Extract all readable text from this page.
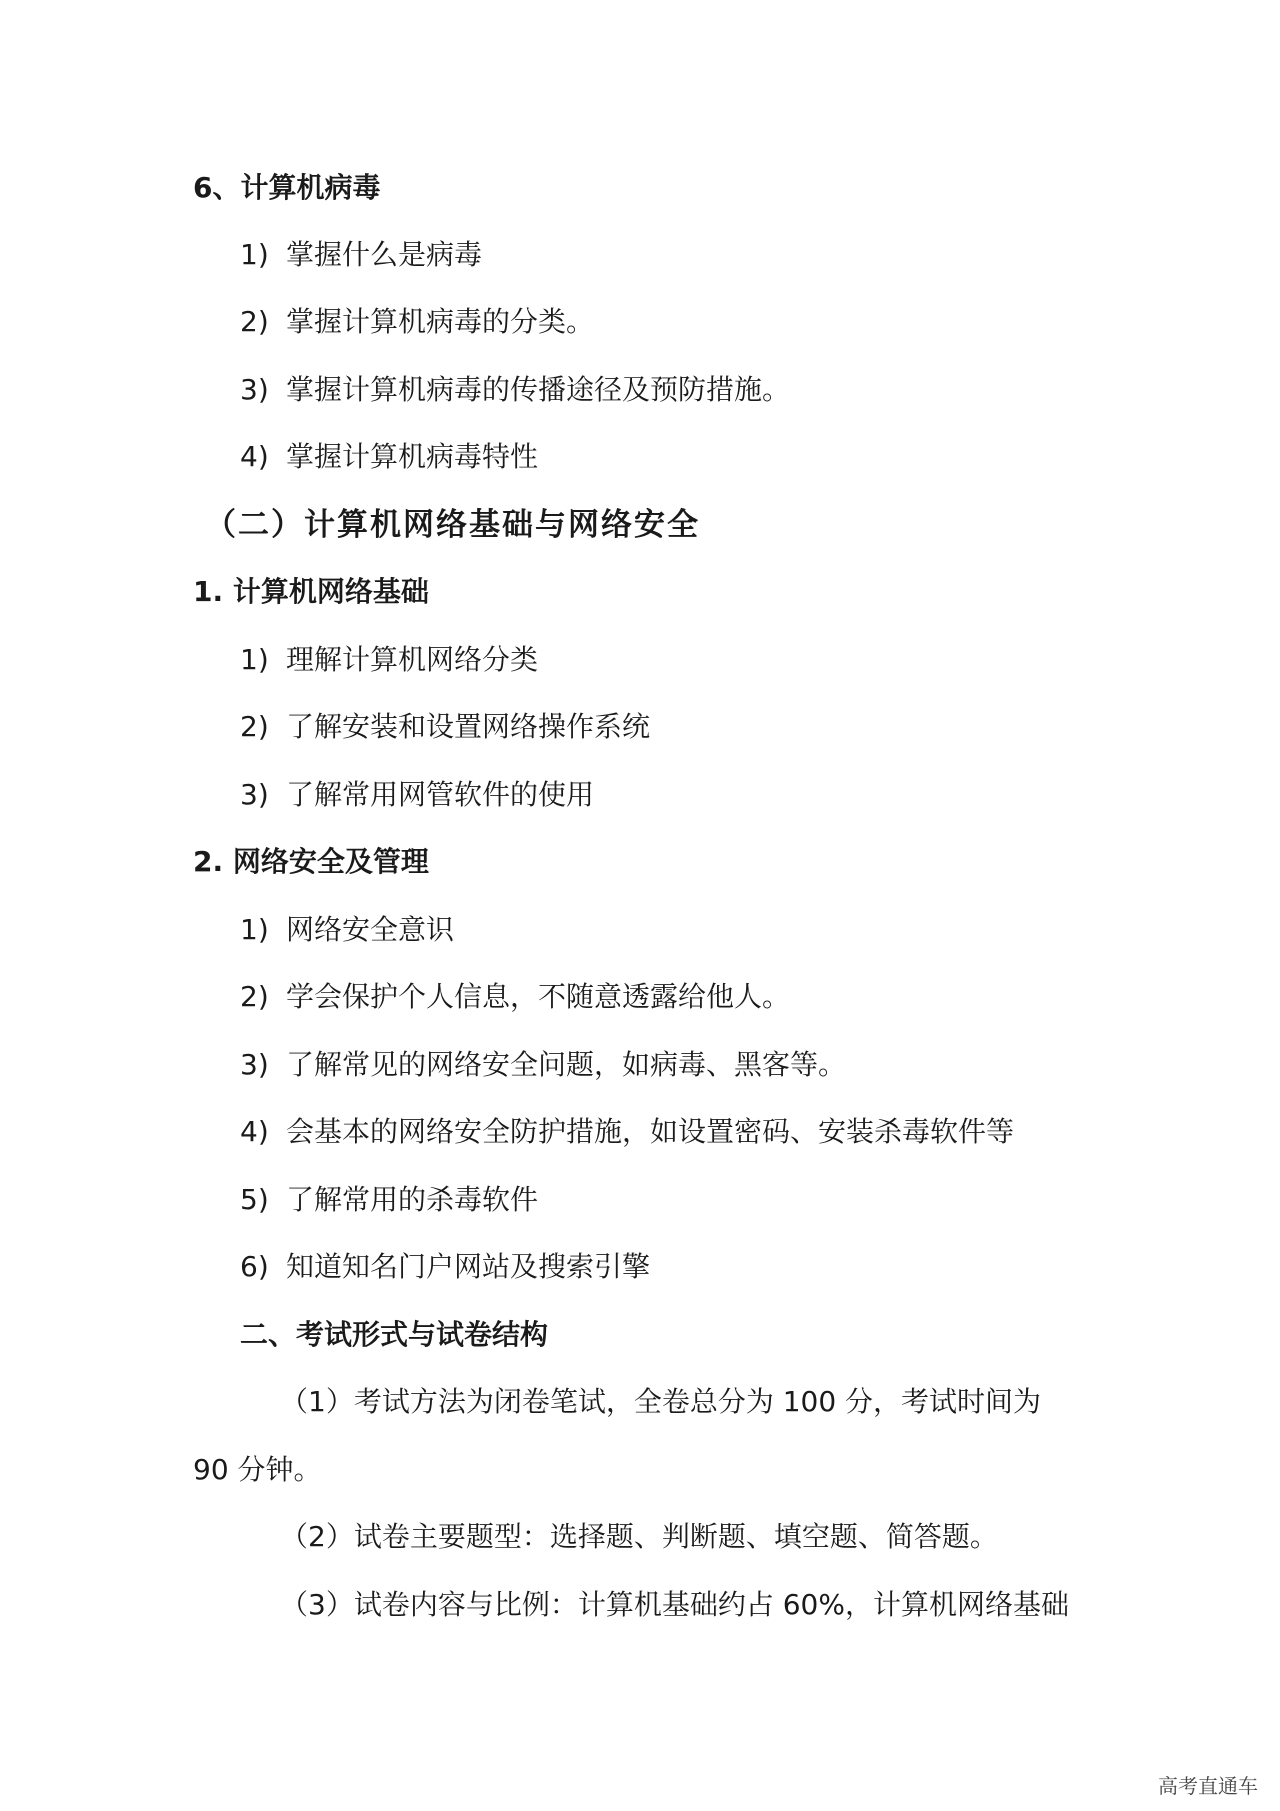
6、计算机病毒
1) 掌握什么是病毒
2) 掌握计算机病毒的分类。
3) 掌握计算机病毒的传播途径及预防措施。
4) 掌握计算机病毒特性
（二）计算机网络基础与网络安全
1. 计算机网络基础
1) 理解计算机网络分类
2) 了解安装和设置网络操作系统
3) 了解常用网管软件的使用
2. 网络安全及管理
1) 网络安全意识
2) 学会保护个人信息，不随意透露给他人。
3) 了解常见的网络安全问题，如病毒、黑客等。
4) 会基本的网络安全防护措施，如设置密码、安装杀毒软件等
5) 了解常用的杀毒软件
6) 知道知名门户网站及搜索引擎
二、考试形式与试卷结构
（1）考试方法为闭卷笔试，全卷总分为 100 分，考试时间为
90 分钟。
（2）试卷主要题型：选择题、判断题、填空题、简答题。
（3）试卷内容与比例：计算机基础约占 60%，计算机网络基础
高考直通车
